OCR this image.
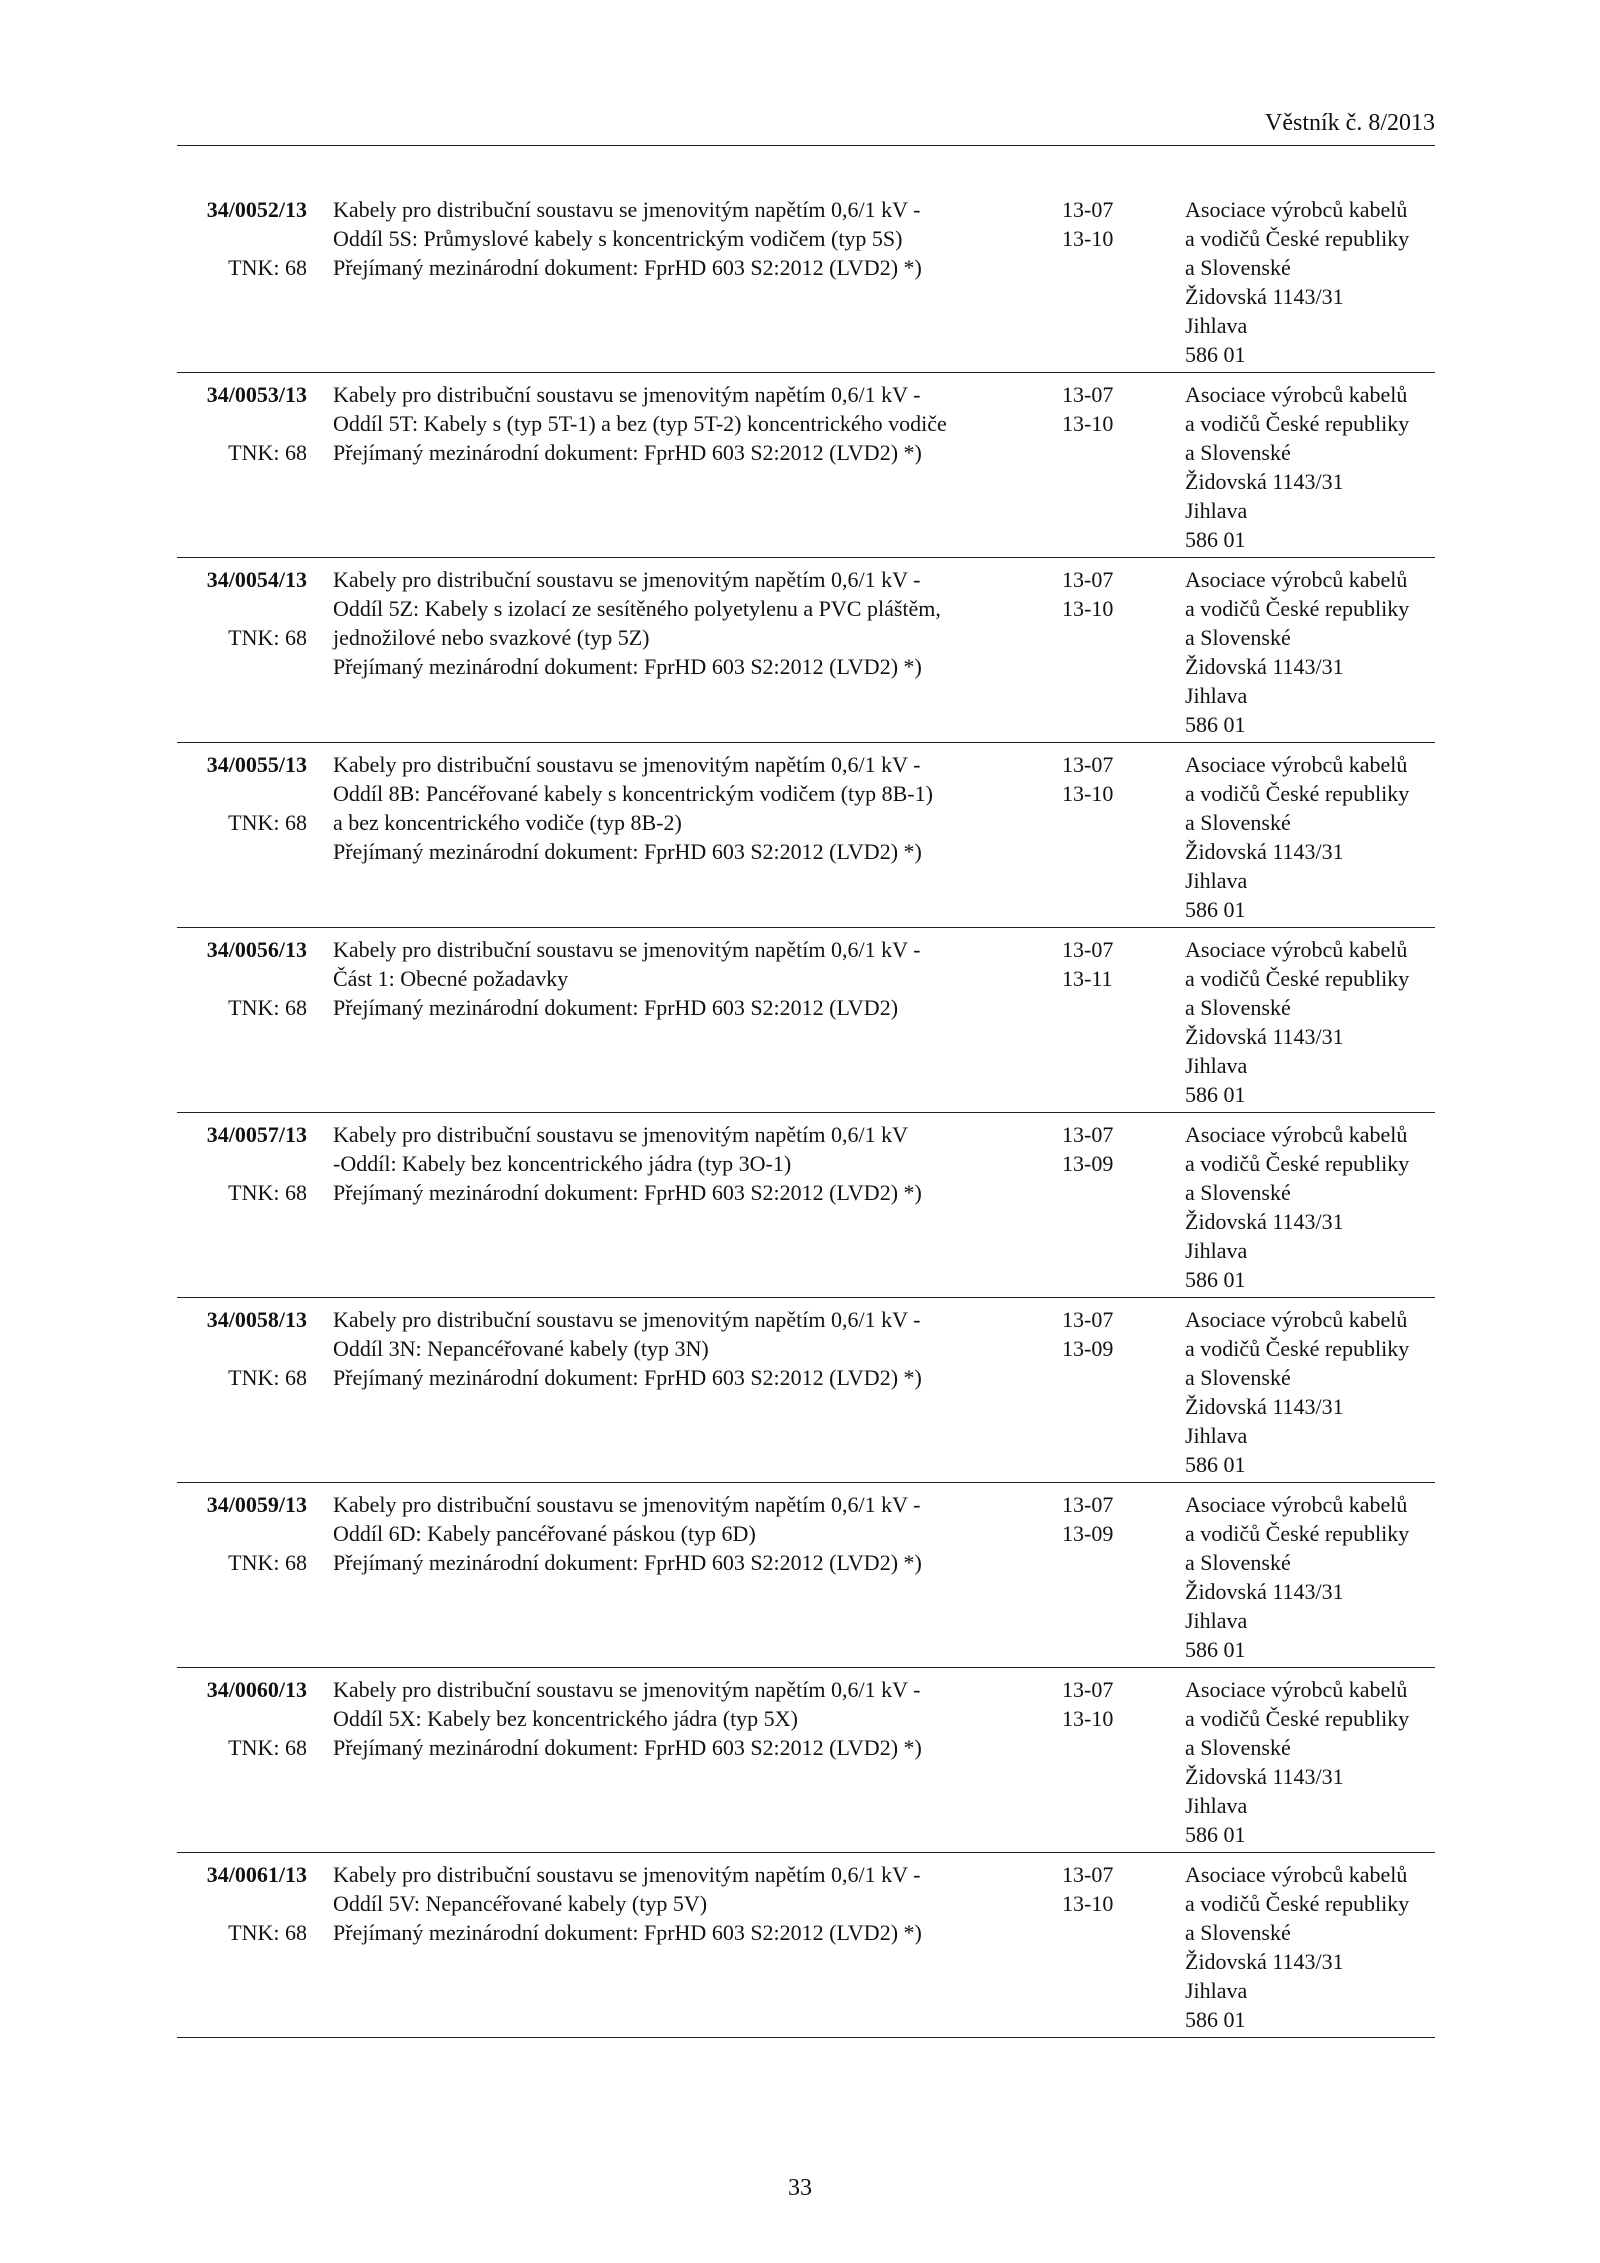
Věstník č. 8/2013
34/0052/13
TNK: 68
Kabely pro distribuční soustavu se jmenovitým napětím 0,6/1 kV -
Oddíl 5S: Průmyslové kabely s koncentrickým vodičem (typ 5S)
Přejímaný mezinárodní dokument: FprHD 603 S2:2012 (LVD2) *)
13-07
13-10
Asociace výrobců kabelů
a vodičů České republiky
a Slovenské
Židovská 1143/31
Jihlava
586 01
34/0053/13
TNK: 68
Kabely pro distribuční soustavu se jmenovitým napětím 0,6/1 kV -
Oddíl 5T: Kabely s (typ 5T-1) a bez (typ 5T-2) koncentrického vodiče
Přejímaný mezinárodní dokument: FprHD 603 S2:2012 (LVD2) *)
13-07
13-10
Asociace výrobců kabelů
a vodičů České republiky
a Slovenské
Židovská 1143/31
Jihlava
586 01
34/0054/13
TNK: 68
Kabely pro distribuční soustavu se jmenovitým napětím 0,6/1 kV -
Oddíl 5Z: Kabely s izolací ze sesítěného polyetylenu a PVC pláštěm,
jednožilové nebo svazkové (typ 5Z)
Přejímaný mezinárodní dokument: FprHD 603 S2:2012 (LVD2) *)
13-07
13-10
Asociace výrobců kabelů
a vodičů České republiky
a Slovenské
Židovská 1143/31
Jihlava
586 01
34/0055/13
TNK: 68
Kabely pro distribuční soustavu se jmenovitým napětím 0,6/1 kV -
Oddíl 8B: Pancéřované kabely s koncentrickým vodičem (typ 8B-1)
a bez koncentrického vodiče (typ 8B-2)
Přejímaný mezinárodní dokument: FprHD 603 S2:2012 (LVD2) *)
13-07
13-10
Asociace výrobců kabelů
a vodičů České republiky
a Slovenské
Židovská 1143/31
Jihlava
586 01
34/0056/13
TNK: 68
Kabely pro distribuční soustavu se jmenovitým napětím 0,6/1 kV -
Část 1: Obecné požadavky
Přejímaný mezinárodní dokument: FprHD 603 S2:2012 (LVD2)
13-07
13-11
Asociace výrobců kabelů
a vodičů České republiky
a Slovenské
Židovská 1143/31
Jihlava
586 01
34/0057/13
TNK: 68
Kabely pro distribuční soustavu se jmenovitým napětím 0,6/1 kV
-Oddíl: Kabely bez koncentrického jádra (typ 3O-1)
Přejímaný mezinárodní dokument: FprHD 603 S2:2012 (LVD2) *)
13-07
13-09
Asociace výrobců kabelů
a vodičů České republiky
a Slovenské
Židovská 1143/31
Jihlava
586 01
34/0058/13
TNK: 68
Kabely pro distribuční soustavu se jmenovitým napětím 0,6/1 kV -
Oddíl 3N: Nepancéřované kabely (typ 3N)
Přejímaný mezinárodní dokument: FprHD 603 S2:2012 (LVD2) *)
13-07
13-09
Asociace výrobců kabelů
a vodičů České republiky
a Slovenské
Židovská 1143/31
Jihlava
586 01
34/0059/13
TNK: 68
Kabely pro distribuční soustavu se jmenovitým napětím 0,6/1 kV -
Oddíl 6D: Kabely pancéřované páskou (typ 6D)
Přejímaný mezinárodní dokument: FprHD 603 S2:2012 (LVD2) *)
13-07
13-09
Asociace výrobců kabelů
a vodičů České republiky
a Slovenské
Židovská 1143/31
Jihlava
586 01
34/0060/13
TNK: 68
Kabely pro distribuční soustavu se jmenovitým napětím 0,6/1 kV -
Oddíl 5X: Kabely bez koncentrického jádra (typ 5X)
Přejímaný mezinárodní dokument: FprHD 603 S2:2012 (LVD2) *)
13-07
13-10
Asociace výrobců kabelů
a vodičů České republiky
a Slovenské
Židovská 1143/31
Jihlava
586 01
34/0061/13
TNK: 68
Kabely pro distribuční soustavu se jmenovitým napětím 0,6/1 kV -
Oddíl 5V: Nepancéřované kabely (typ 5V)
Přejímaný mezinárodní dokument: FprHD 603 S2:2012 (LVD2) *)
13-07
13-10
Asociace výrobců kabelů
a vodičů České republiky
a Slovenské
Židovská 1143/31
Jihlava
586 01
33
